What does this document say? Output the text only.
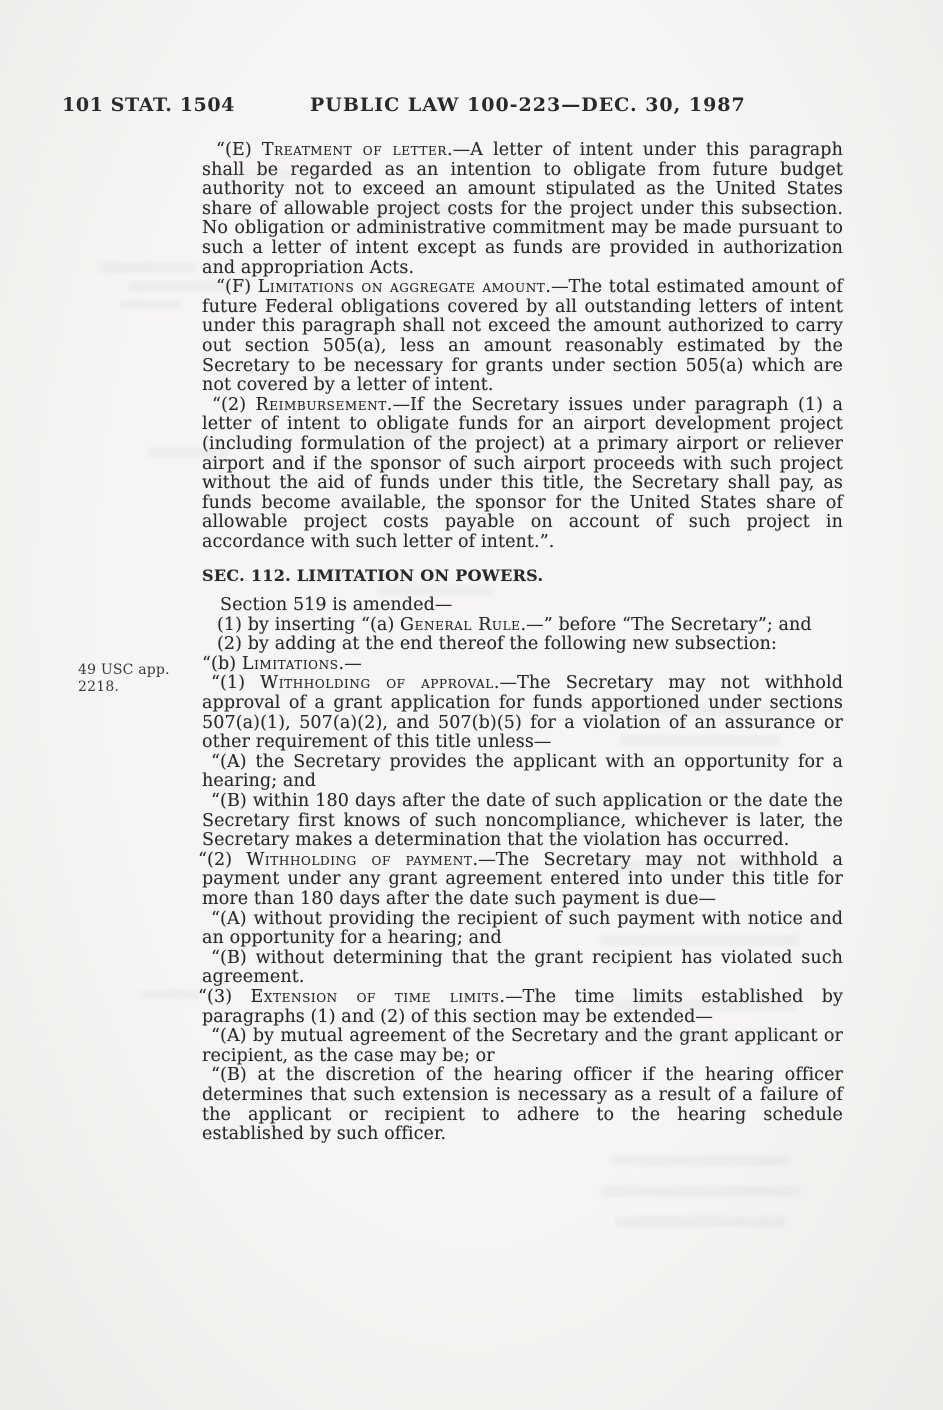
101 STAT. 1504	PUBLIC LAW 100-223—DEC. 30, 1987
49 USC app.
2218.

“(E) Treatment of letter.—A letter of intent under this paragraph shall be regarded as an intention to obligate from future budget authority not to exceed an amount stipulated as the United States share of allowable project costs for the project under this subsection. No obligation or administrative commitment may be made pursuant to such a letter of intent except as funds are provided in authorization and appropriation Acts.

“(F) Limitations on aggregate amount.—The total estimated amount of future Federal obligations covered by all outstanding letters of intent under this paragraph shall not exceed the amount authorized to carry out section 505(a), less an amount reasonably estimated by the Secretary to be necessary for grants under section 505(a) which are not covered by a letter of intent.

“(2) Reimbursement.—If the Secretary issues under paragraph (1) a letter of intent to obligate funds for an airport development project (including formulation of the project) at a primary airport or reliever airport and if the sponsor of such airport proceeds with such project without the aid of funds under this title, the Secretary shall pay, as funds become available, the sponsor for the United States share of allowable project costs payable on account of such project in accordance with such letter of intent.”.

SEC. 112. LIMITATION ON POWERS.

Section 519 is amended—

(1) by inserting “(a) General Rule.—” before “The Secretary”; and

(2) by adding at the end thereof the following new subsection:

“(b) Limitations.—

“(1) Withholding of approval.—The Secretary may not withhold approval of a grant application for funds apportioned under sections 507(a)(1), 507(a)(2), and 507(b)(5) for a violation of an assurance or other requirement of this title unless—

“(A) the Secretary provides the applicant with an opportunity for a hearing; and

“(B) within 180 days after the date of such application or the date the Secretary first knows of such noncompliance, whichever is later, the Secretary makes a determination that the violation has occurred.

“(2) Withholding of payment.—The Secretary may not withhold a payment under any grant agreement entered into under this title for more than 180 days after the date such payment is due—

“(A) without providing the recipient of such payment with notice and an opportunity for a hearing; and

“(B) without determining that the grant recipient has violated such agreement.

“(3) Extension of time limits.—The time limits established by paragraphs (1) and (2) of this section may be extended—

“(A) by mutual agreement of the Secretary and the grant applicant or recipient, as the case may be; or

“(B) at the discretion of the hearing officer if the hearing officer determines that such extension is necessary as a result of a failure of the applicant or recipient to adhere to the hearing schedule established by such officer.
